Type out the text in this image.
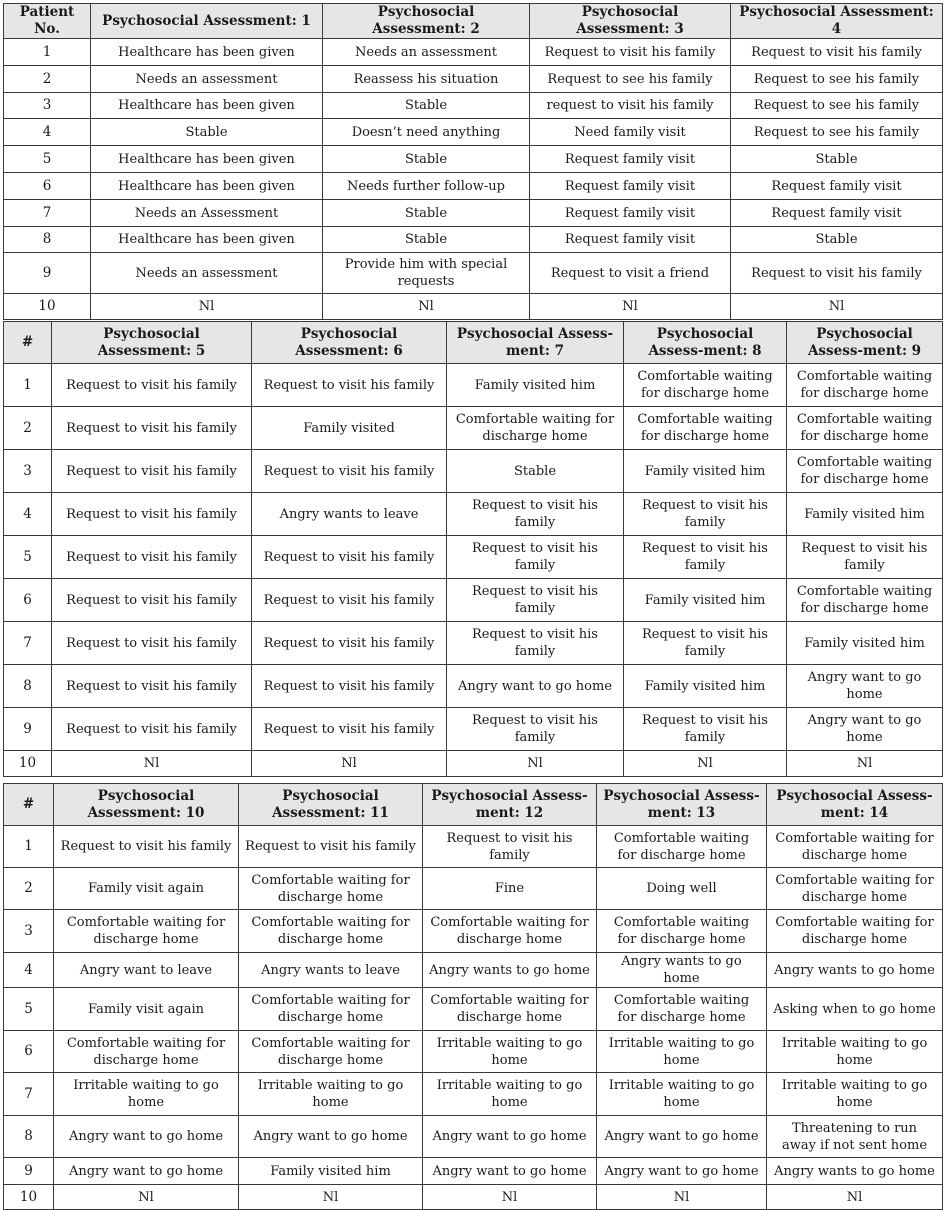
Patient No.	Psychosocial Assessment: 1	Psychosocial Assessment: 2	Psychosocial Assessment: 3	Psychosocial Assessment: 4
1	Healthcare has been given	Needs an assessment	Request to visit his family	Request to visit his family
2	Needs an assessment	Reassess his situation	Request to see his family	Request to see his family
3	Healthcare has been given	Stable	request to visit his family	Request to see his family
4	Stable	Doesn’t need anything	Need family visit	Request to see his family
5	Healthcare has been given	Stable	Request family visit	Stable
6	Healthcare has been given	Needs further follow-up	Request family visit	Request family visit
7	Needs an Assessment	Stable	Request family visit	Request family visit
8	Healthcare has been given	Stable	Request family visit	Stable
9	Needs an assessment	Provide him with special requests	Request to visit a friend	Request to visit his family
10	Nl	Nl	Nl	Nl
#	Psychosocial Assessment: 5	Psychosocial Assessment: 6	Psychosocial Assess-ment: 7	Psychosocial Assess-ment: 8	Psychosocial Assess-ment: 9
1	Request to visit his family	Request to visit his family	Family visited him	Comfortable waiting for discharge home	Comfortable waiting for discharge home
2	Request to visit his family	Family visited	Comfortable waiting for discharge home	Comfortable waiting for discharge home	Comfortable waiting for discharge home
3	Request to visit his family	Request to visit his family	Stable	Family visited him	Comfortable waiting for discharge home
4	Request to visit his family	Angry wants to leave	Request to visit his family	Request to visit his family	Family visited him
5	Request to visit his family	Request to visit his family	Request to visit his family	Request to visit his family	Request to visit his family
6	Request to visit his family	Request to visit his family	Request to visit his family	Family visited him	Comfortable waiting for discharge home
7	Request to visit his family	Request to visit his family	Request to visit his family	Request to visit his family	Family visited him
8	Request to visit his family	Request to visit his family	Angry want to go home	Family visited him	Angry want to go home
9	Request to visit his family	Request to visit his family	Request to visit his family	Request to visit his family	Angry want to go home
10	Nl	Nl	Nl	Nl	Nl
#	Psychosocial Assessment: 10	Psychosocial Assessment: 11	Psychosocial Assess-ment: 12	Psychosocial Assess-ment: 13	Psychosocial Assess-ment: 14
1	Request to visit his family	Request to visit his family	Request to visit his family	Comfortable waiting for discharge home	Comfortable waiting for discharge home
2	Family visit again	Comfortable waiting for discharge home	Fine	Doing well	Comfortable waiting for discharge home
3	Comfortable waiting for discharge home	Comfortable waiting for discharge home	Comfortable waiting for discharge home	Comfortable waiting for discharge home	Comfortable waiting for discharge home
4	Angry want to leave	Angry wants to leave	Angry wants to go home	Angry wants to go home	Angry wants to go home
5	Family visit again	Comfortable waiting for discharge home	Comfortable waiting for discharge home	Comfortable waiting for discharge home	Asking when to go home
6	Comfortable waiting for discharge home	Comfortable waiting for discharge home	Irritable waiting to go home	Irritable waiting to go home	Irritable waiting to go home
7	Irritable waiting to go home	Irritable waiting to go home	Irritable waiting to go home	Irritable waiting to go home	Irritable waiting to go home
8	Angry want to go home	Angry want to go home	Angry want to go home	Angry want to go home	Threatening to run away if not sent home
9	Angry want to go home	Family visited him	Angry want to go home	Angry want to go home	Angry wants to go home
10	Nl	Nl	Nl	Nl	Nl
